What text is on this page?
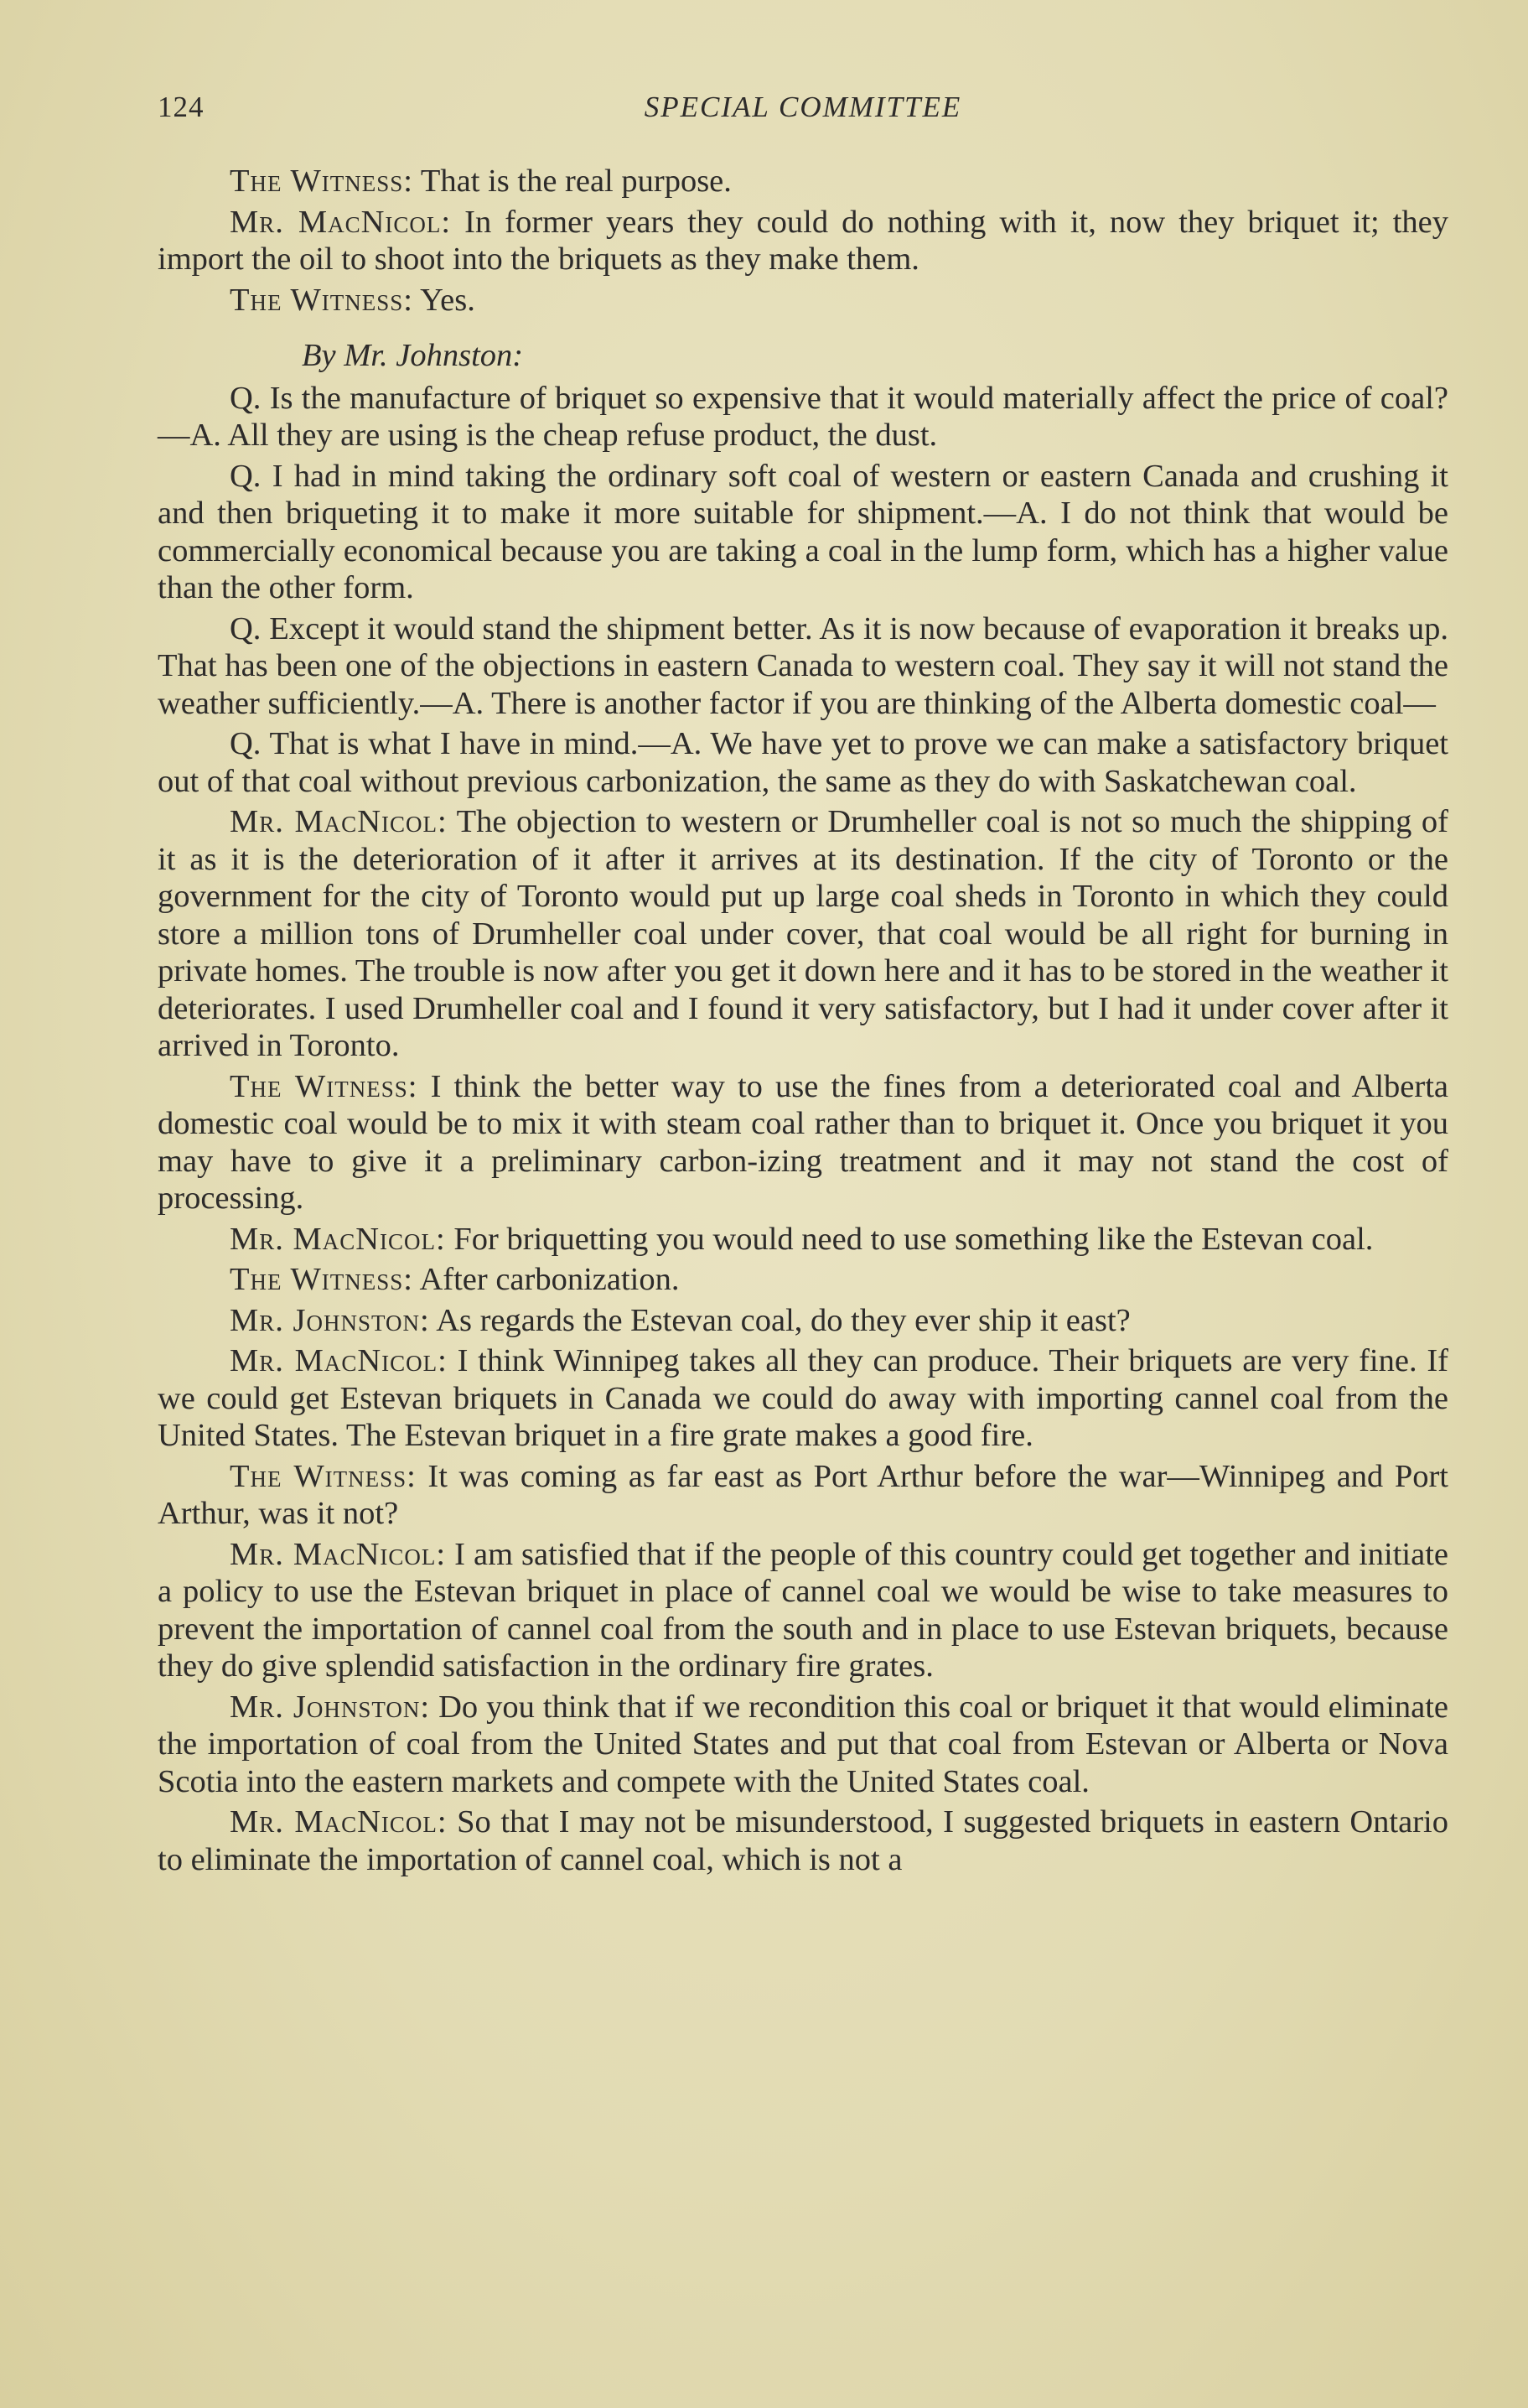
124	SPECIAL COMMITTEE

The Witness: That is the real purpose.

Mr. MacNicol: In former years they could do nothing with it, now they briquet it; they import the oil to shoot into the briquets as they make them.

The Witness: Yes.

By Mr. Johnston:

Q. Is the manufacture of briquet so expensive that it would materially affect the price of coal?—A. All they are using is the cheap refuse product, the dust.

Q. I had in mind taking the ordinary soft coal of western or eastern Canada and crushing it and then briqueting it to make it more suitable for shipment.—A. I do not think that would be commercially economical because you are taking a coal in the lump form, which has a higher value than the other form.

Q. Except it would stand the shipment better. As it is now because of evaporation it breaks up. That has been one of the objections in eastern Canada to western coal. They say it will not stand the weather sufficiently.—A. There is another factor if you are thinking of the Alberta domestic coal—

Q. That is what I have in mind.—A. We have yet to prove we can make a satisfactory briquet out of that coal without previous carbonization, the same as they do with Saskatchewan coal.

Mr. MacNicol: The objection to western or Drumheller coal is not so much the shipping of it as it is the deterioration of it after it arrives at its destination. If the city of Toronto or the government for the city of Toronto would put up large coal sheds in Toronto in which they could store a million tons of Drumheller coal under cover, that coal would be all right for burning in private homes. The trouble is now after you get it down here and it has to be stored in the weather it deteriorates. I used Drumheller coal and I found it very satisfactory, but I had it under cover after it arrived in Toronto.

The Witness: I think the better way to use the fines from a deteriorated coal and Alberta domestic coal would be to mix it with steam coal rather than to briquet it. Once you briquet it you may have to give it a preliminary carbon-izing treatment and it may not stand the cost of processing.

Mr. MacNicol: For briquetting you would need to use something like the Estevan coal.

The Witness: After carbonization.

Mr. Johnston: As regards the Estevan coal, do they ever ship it east?

Mr. MacNicol: I think Winnipeg takes all they can produce. Their briquets are very fine. If we could get Estevan briquets in Canada we could do away with importing cannel coal from the United States. The Estevan briquet in a fire grate makes a good fire.

The Witness: It was coming as far east as Port Arthur before the war—Winnipeg and Port Arthur, was it not?

Mr. MacNicol: I am satisfied that if the people of this country could get together and initiate a policy to use the Estevan briquet in place of cannel coal we would be wise to take measures to prevent the importation of cannel coal from the south and in place to use Estevan briquets, because they do give splendid satisfaction in the ordinary fire grates.

Mr. Johnston: Do you think that if we recondition this coal or briquet it that would eliminate the importation of coal from the United States and put that coal from Estevan or Alberta or Nova Scotia into the eastern markets and compete with the United States coal.

Mr. MacNicol: So that I may not be misunderstood, I suggested briquets in eastern Ontario to eliminate the importation of cannel coal, which is not a
